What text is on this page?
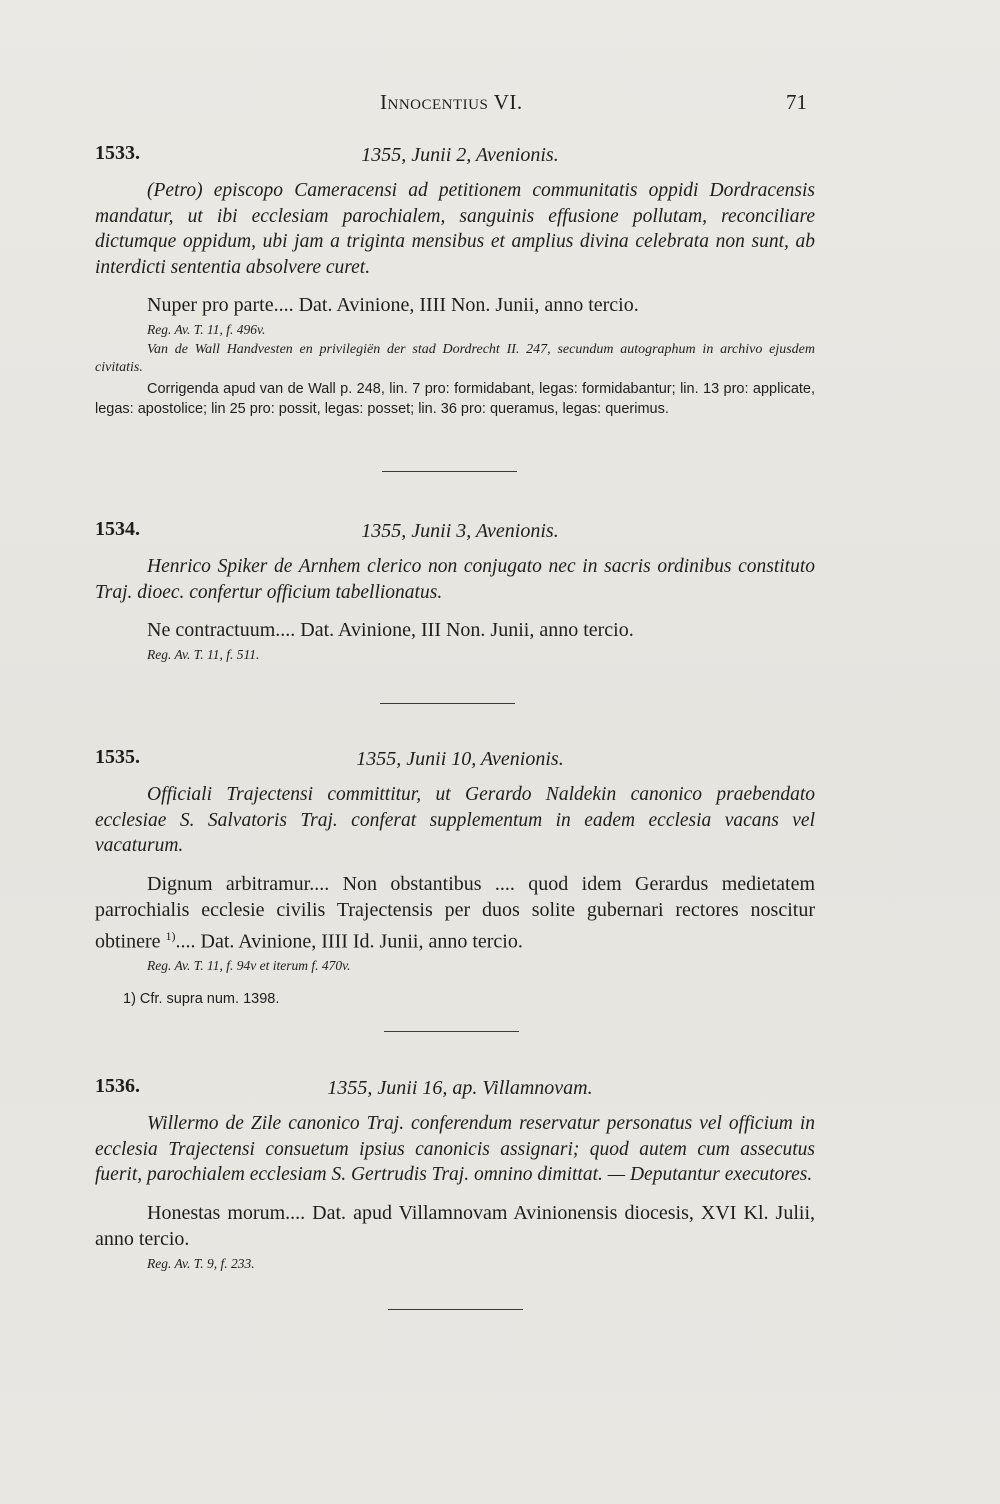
Innocentius VI.	71
1533.	1355, Junii 2, Avenionis.

(Petro) episcopo Cameracensi ad petitionem communitatis oppidi Dordracensis mandatur, ut ibi ecclesiam parochialem, sanguinis effusione pollutam, reconciliare dictumque oppidum, ubi jam a triginta mensibus et amplius divina celebrata non sunt, ab interdicti sententia absolvere curet.

Nuper pro parte.... Dat. Avinione, IIII Non. Junii, anno tercio.

Reg. Av. T. 11, f. 496v.

Van de Wall Handvesten en privilegiën der stad Dordrecht II. 247, secundum autographum in archivo ejusdem civitatis.

Corrigenda apud van de Wall p. 248, lin. 7 pro: formidabant, legas: formidabantur; lin. 13 pro: applicate, legas: apostolice; lin 25 pro: possit, legas: posset; lin. 36 pro: queramus, legas: querimus.

1534.	1355, Junii 3, Avenionis.

Henrico Spiker de Arnhem clerico non conjugato nec in sacris ordinibus constituto Traj. dioec. confertur officium tabellionatus.

Ne contractuum.... Dat. Avinione, III Non. Junii, anno tercio.

Reg. Av. T. 11, f. 511.

1535.	1355, Junii 10, Avenionis.

Officiali Trajectensi committitur, ut Gerardo Naldekin canonico praebendato ecclesiae S. Salvatoris Traj. conferat supplementum in eadem ecclesia vacans vel vacaturum.

Dignum arbitramur.... Non obstantibus .... quod idem Gerardus medietatem parrochialis ecclesie civilis Trajectensis per duos solite gubernari rectores noscitur obtinere $^{1)}$.... Dat. Avinione, IIII Id. Junii, anno tercio.

Reg. Av. T. 11, f. 94v et iterum f. 470v.

1) Cfr. supra num. 1398.

1536.	1355, Junii 16, ap. Villamnovam.

Willermo de Zile canonico Traj. conferendum reservatur personatus vel officium in ecclesia Trajectensi consuetum ipsius canonicis assignari; quod autem cum assecutus fuerit, parochialem ecclesiam S. Gertrudis Traj. omnino dimittat. — Deputantur executores.

Honestas morum.... Dat. apud Villamnovam Avinionensis diocesis, XVI Kl. Julii, anno tercio.

Reg. Av. T. 9, f. 233.
